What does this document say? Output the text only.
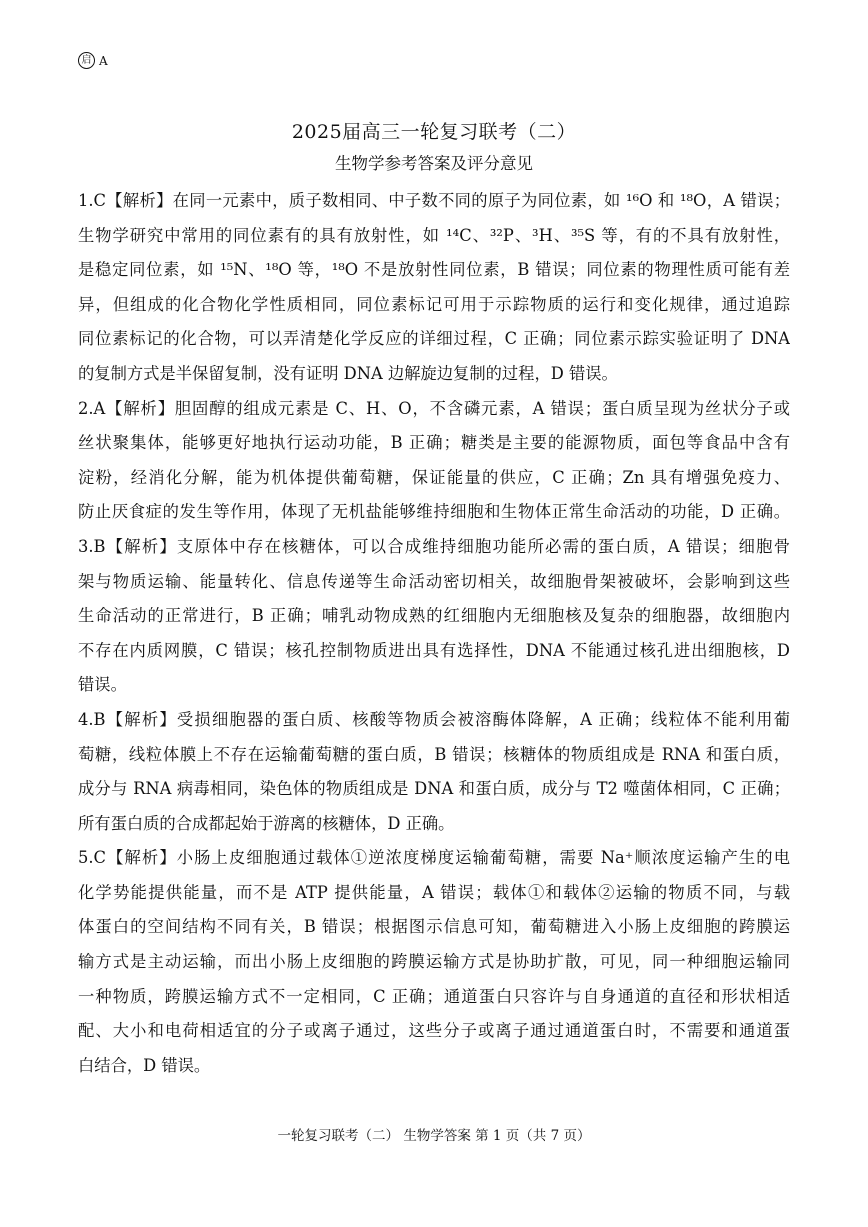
启 A
2025届高三一轮复习联考（二）
生物学参考答案及评分意见
1.C【解析】在同一元素中，质子数相同、中子数不同的原子为同位素，如 ¹⁶O 和 ¹⁸O，A 错误；
生物学研究中常用的同位素有的具有放射性，如 ¹⁴C、³²P、³H、³⁵S 等，有的不具有放射性，
是稳定同位素，如 ¹⁵N、¹⁸O 等，¹⁸O 不是放射性同位素，B 错误；同位素的物理性质可能有差
异，但组成的化合物化学性质相同，同位素标记可用于示踪物质的运行和变化规律，通过追踪
同位素标记的化合物，可以弄清楚化学反应的详细过程，C 正确；同位素示踪实验证明了 DNA
的复制方式是半保留复制，没有证明 DNA 边解旋边复制的过程，D 错误。
2.A【解析】胆固醇的组成元素是 C、H、O，不含磷元素，A 错误；蛋白质呈现为丝状分子或
丝状聚集体，能够更好地执行运动功能，B 正确；糖类是主要的能源物质，面包等食品中含有
淀粉，经消化分解，能为机体提供葡萄糖，保证能量的供应，C 正确；Zn 具有增强免疫力、
防止厌食症的发生等作用，体现了无机盐能够维持细胞和生物体正常生命活动的功能，D 正确。
3.B【解析】支原体中存在核糖体，可以合成维持细胞功能所必需的蛋白质，A 错误；细胞骨
架与物质运输、能量转化、信息传递等生命活动密切相关，故细胞骨架被破坏，会影响到这些
生命活动的正常进行，B 正确；哺乳动物成熟的红细胞内无细胞核及复杂的细胞器，故细胞内
不存在内质网膜，C 错误；核孔控制物质进出具有选择性，DNA 不能通过核孔进出细胞核，D
错误。
4.B【解析】受损细胞器的蛋白质、核酸等物质会被溶酶体降解，A 正确；线粒体不能利用葡
萄糖，线粒体膜上不存在运输葡萄糖的蛋白质，B 错误；核糖体的物质组成是 RNA 和蛋白质，
成分与 RNA 病毒相同，染色体的物质组成是 DNA 和蛋白质，成分与 T2 噬菌体相同，C 正确；
所有蛋白质的合成都起始于游离的核糖体，D 正确。
5.C【解析】小肠上皮细胞通过载体①逆浓度梯度运输葡萄糖，需要 Na⁺顺浓度运输产生的电
化学势能提供能量，而不是 ATP 提供能量，A 错误；载体①和载体②运输的物质不同，与载
体蛋白的空间结构不同有关，B 错误；根据图示信息可知，葡萄糖进入小肠上皮细胞的跨膜运
输方式是主动运输，而出小肠上皮细胞的跨膜运输方式是协助扩散，可见，同一种细胞运输同
一种物质，跨膜运输方式不一定相同，C 正确；通道蛋白只容许与自身通道的直径和形状相适
配、大小和电荷相适宜的分子或离子通过，这些分子或离子通过通道蛋白时，不需要和通道蛋
白结合，D 错误。
一轮复习联考（二） 生物学答案 第 1 页（共 7 页）
